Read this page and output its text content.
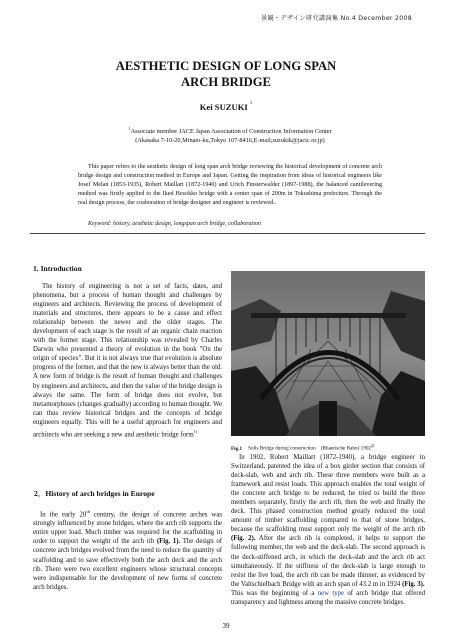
景観・デザイン研究講演集 No.4 December 2008
AESTHETIC DESIGN OF LONG SPAN
ARCH BRIDGE
Kei SUZUKI $^1$
$^1$Associate member JACE Japan Association of Construction Information Center
(Akasaka 7-10-20,Minato-ku,Tokyo 107-8416,E-mail;suzukik@jacic.or.jp)

This paper refers to the aesthetic design of long span arch bridge reviewing the historical development of concrete arch bridge design and construction method in Europe and Japan. Getting the inspiration from ideas of historical engineers like Josef Melan (1853-1935), Robert Maillart (1872-1940) and Urich Finsterwalder (1897-1988), the balanced cantilevering method was firstly applied to the Iked Hesokko bridge with a center span of 200m in Tokushima prefecture. Through the real design process, the coaboration of bridge designer and engineer is reviewed..

Keyword: history, aesthetic design, longspan arch bridge, collaboration
1. Introduction

The history of engineering is not a set of facts, dates, and phenomena, but a process of human thought and challenges by engineers and architects. Reviewing the process of development of materials and structures, there appears to be a cause and effect relationship between the newer and the older stages. The development of each stage is the result of an organic chain reaction with the former stage. This relationship was revealed by Charles Darwin who presented a theory of evolution in the book "On the origin of species". But it is not always true that evolution is absolute progress of the former, and that the new is always better than the old. A new form of bridge is the result of human thought and challenges by engineers and architects, and then the value of the bridge design is always the same. The form of bridge does not evolve, but metamorphoses (changes gradually) according to human thought. We can thus review historical bridges and the concepts of bridge engineers equally. This will be a useful approach for engineers and architects who are seeking a new and aesthetic bridge form$^{1)}$

2．History of arch bridges in Europe

In the early 20th century, the design of concrete arches was strongly influenced by stone bridges, where the arch rib supports the entire upper load. Much timber was required for the scaffolding in order to support the weight of the arch rib (Fig. 1). The design of concrete arch bridges evolved from the need to reduce the quantity of scaffolding and to save effectively both the arch deck and the arch rib. There were two excellent engineers whose structural concepts were indispensable for the development of new forms of concrete arch bridges.

Fig.1 Solis Bridge during construction　(Rhaetische Bahn) 1902$^{2)}$

In 1902, Robert Maillart (1872-1940), a bridge engineer in Switzerland, patented the idea of a box girder section that consists of deck-slab, web and arch rib. These three members were built as a framework and resist loads. This approach enables the total weight of the concrete arch bridge to be reduced, he tried to build the three members separately, firstly the arch rib, then the web and finally the deck. This phased construction method greatly reduced the total amount of timber scaffolding compared to that of stone bridges, because the scaffolding must support only the weight of the arch rib (Fig. 2). After the arch rib is completed, it helps to support the following member, the web and the deck-slab. The second approach is the deck-stiffened arch, in which the deck-slab and the arch rib act simultaneously. If the stiffness of the deck-slab is large enough to resist the live load, the arch rib can be made thinner, as evidenced by the Valtschielbach Bridge with an arch span of 43.2 m in 1924 (Fig. 3).
This was the beginning of a new type of arch bridge that offered transparency and lightness among the massive concrete bridges.

39
